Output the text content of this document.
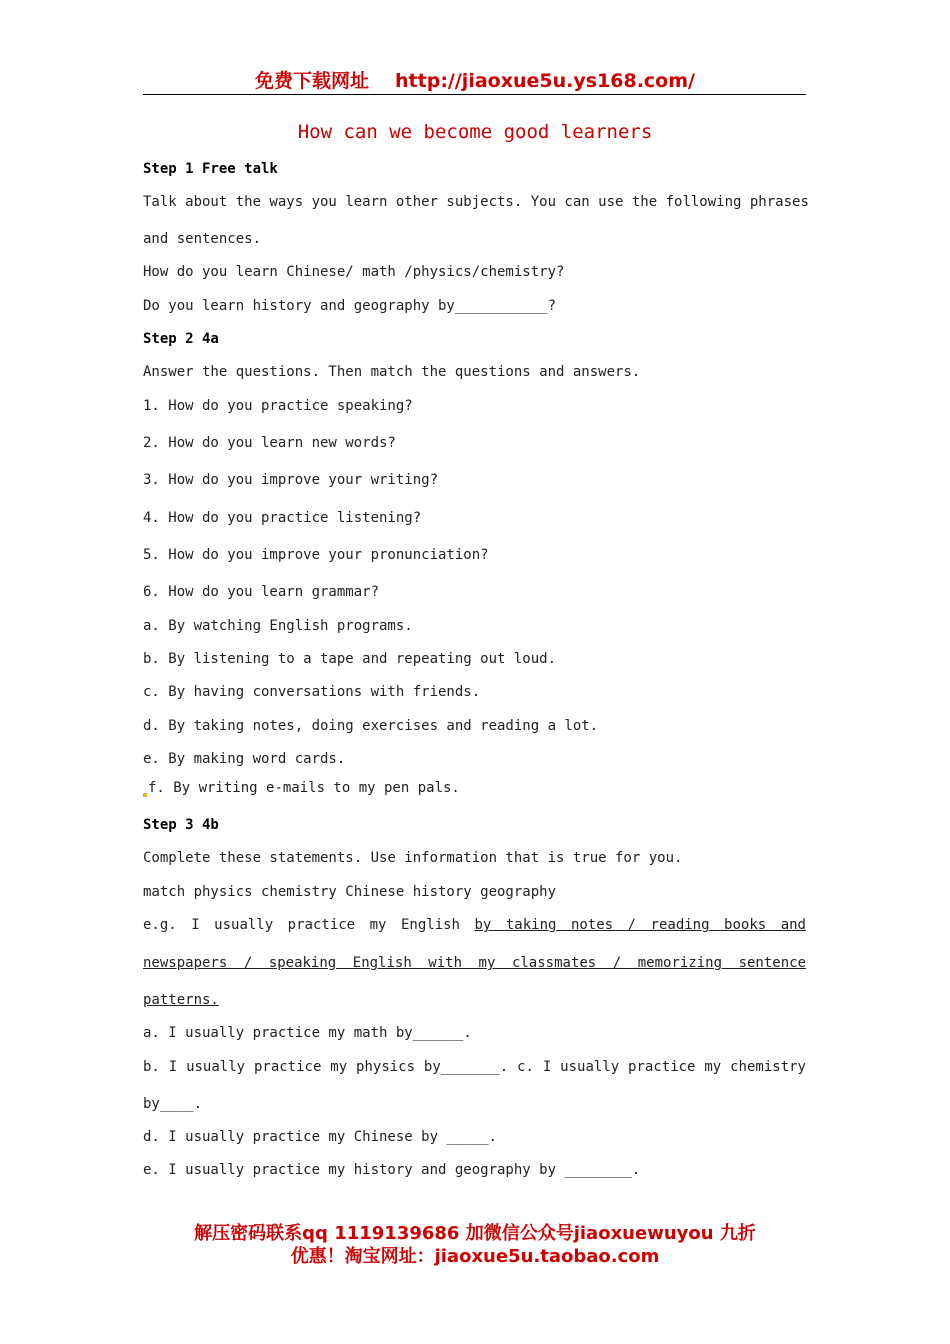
免费下载网址 http://jiaoxue5u.ys168.com/
How can we become good learners
Step 1 Free talk
Talk about the ways you learn other subjects. You can use the following phrases
and sentences.
How do you learn Chinese/ math /physics/chemistry?
Do you learn history and geography by___________?
Step 2 4a
Answer the questions. Then match the questions and answers.
1. How do you practice speaking?
2. How do you learn new words?
3. How do you improve your writing?
4. How do you practice listening?
5. How do you improve your pronunciation?
6. How do you learn grammar?
a. By watching English programs.
b. By listening to a tape and repeating out loud.
c. By having conversations with friends.
d. By taking notes, doing exercises and reading a lot.
e. By making word cards.
f. By writing e-mails to my pen pals.
Step 3 4b
Complete these statements. Use information that is true for you.
match physics chemistry Chinese history geography
e.g. I usually practice my English by taking notes / reading books and
newspapers / speaking English with my classmates / memorizing sentence
patterns.
a. I usually practice my math by______.
b. I usually practice my physics by_______. c. I usually practice my chemistry
by____.
d. I usually practice my Chinese by _____.
e. I usually practice my history and geography by ________.
解压密码联系qq 1119139686 加微信公众号jiaoxuewuyou 九折
优惠！淘宝网址：jiaoxue5u.taobao.com
